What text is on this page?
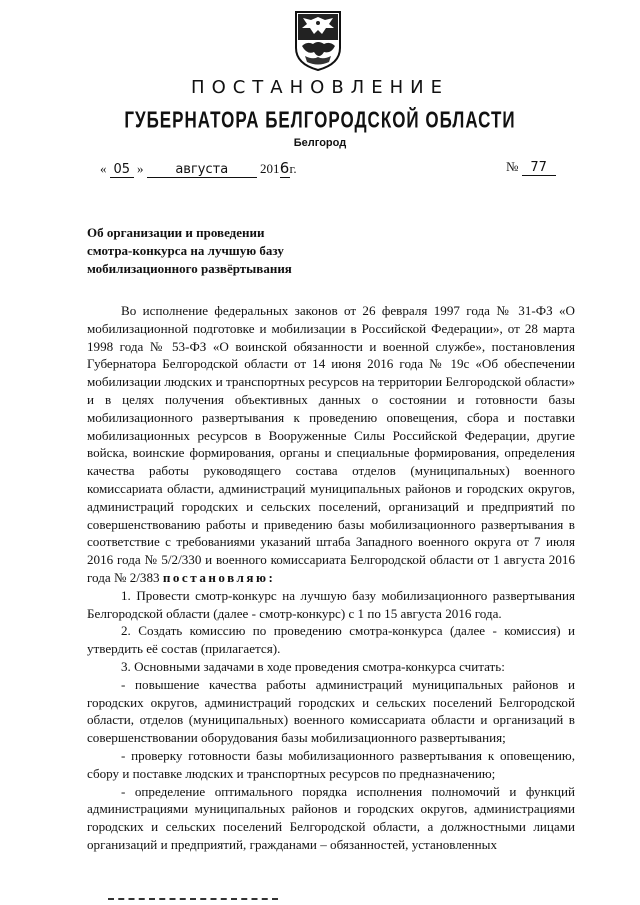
ПОСТАНОВЛЕНИЕ
ГУБЕРНАТОРА БЕЛГОРОДСКОЙ ОБЛАСТИ
Белгород
« 05 » августа 2016г.	№ 77
Об организации и проведении
смотра-конкурса на лучшую базу
мобилизационного развёртывания

Во исполнение федеральных законов от 26 февраля 1997 года № 31-ФЗ «О мобилизационной подготовке и мобилизации в Российской Федерации», от 28 марта 1998 года № 53-ФЗ «О воинской обязанности и военной службе», постановления Губернатора Белгородской области от 14 июня 2016 года № 19с «Об обеспечении мобилизации людских и транспортных ресурсов на территории Белгородской области» и в целях получения объективных данных о состоянии и готовности базы мобилизационного развертывания к проведению оповещения, сбора и поставки мобилизационных ресурсов в Вооруженные Силы Российской Федерации, другие войска, воинские формирования, органы и специальные формирования, определения качества работы руководящего состава отделов (муниципальных) военного комиссариата области, администраций муниципальных районов и городских округов, администраций городских и сельских поселений, организаций и предприятий по совершенствованию работы и приведению базы мобилизационного развертывания в соответствие с требованиями указаний штаба Западного военного округа от 7 июля 2016 года № 5/2/330 и военного комиссариата Белгородской области от 1 августа 2016 года № 2/383 постановляю:

1. Провести смотр-конкурс на лучшую базу мобилизационного развертывания Белгородской области (далее - смотр-конкурс) с 1 по 15 августа 2016 года.

2. Создать комиссию по проведению смотра-конкурса (далее - комиссия) и утвердить её состав (прилагается).

3. Основными задачами в ходе проведения смотра-конкурса считать:

- повышение качества работы администраций муниципальных районов и городских округов, администраций городских и сельских поселений Белгородской области, отделов (муниципальных) военного комиссариата области и организаций в совершенствовании оборудования базы мобилизационного развертывания;

- проверку готовности базы мобилизационного развертывания к оповещению, сбору и поставке людских и транспортных ресурсов по предназначению;

- определение оптимального порядка исполнения полномочий и функций администрациями муниципальных районов и городских округов, администрациями городских и сельских поселений Белгородской области, а должностными лицами организаций и предприятий, гражданами – обязанностей, установленных
